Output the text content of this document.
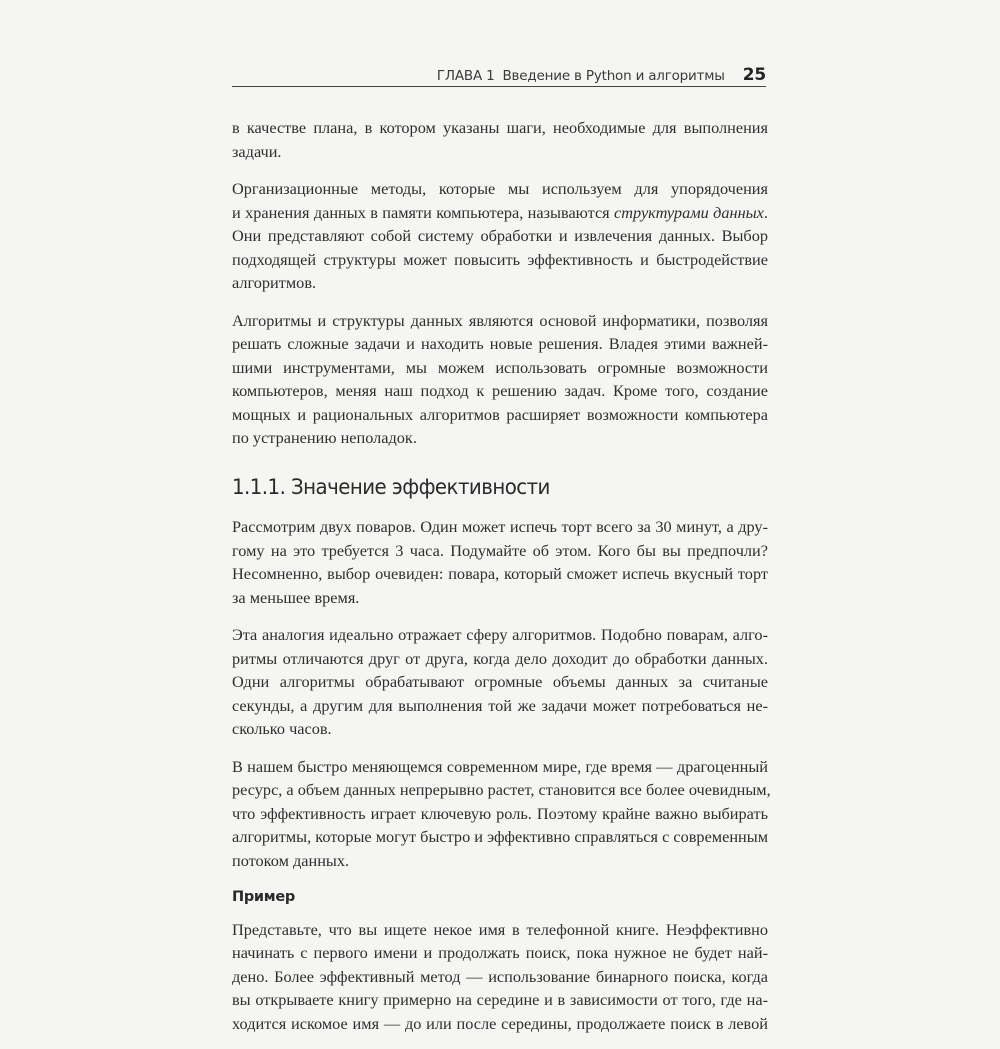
ГЛАВА 1 Введение в Python и алгоритмы 25

в качестве плана, в котором указаны шаги, необходимые для выполнения
задачи.

Организационные методы, которые мы используем для упорядочения
и хранения данных в памяти компьютера, называются структурами данных.
Они представляют собой систему обработки и извлечения данных. Выбор
подходящей структуры может повысить эффективность и быстродействие
алгоритмов.

Алгоритмы и структуры данных являются основой информатики, позволяя
решать сложные задачи и находить новые решения. Владея этими важней-
шими инструментами, мы можем использовать огромные возможности
компьютеров, меняя наш подход к решению задач. Кроме того, создание
мощных и рациональных алгоритмов расширяет возможности компьютера
по устранению неполадок.

1.1.1. Значение эффективности

Рассмотрим двух поваров. Один может испечь торт всего за 30 минут, а дру-
гому на это требуется 3 часа. Подумайте об этом. Кого бы вы предпочли?
Несомненно, выбор очевиден: повара, который сможет испечь вкусный торт
за меньшее время.

Эта аналогия идеально отражает сферу алгоритмов. Подобно поварам, алго-
ритмы отличаются друг от друга, когда дело доходит до обработки данных.
Одни алгоритмы обрабатывают огромные объемы данных за считаные
секунды, а другим для выполнения той же задачи может потребоваться не-
сколько часов.

В нашем быстро меняющемся современном мире, где время — драгоценный
ресурс, а объем данных непрерывно растет, становится все более очевидным,
что эффективность играет ключевую роль. Поэтому крайне важно выбирать
алгоритмы, которые могут быстро и эффективно справляться с современным
потоком данных.

Пример

Представьте, что вы ищете некое имя в телефонной книге. Неэффективно
начинать с первого имени и продолжать поиск, пока нужное не будет най-
дено. Более эффективный метод — использование бинарного поиска, когда
вы открываете книгу примерно на середине и в зависимости от того, где на-
ходится искомое имя — до или после середины, продолжаете поиск в левой
